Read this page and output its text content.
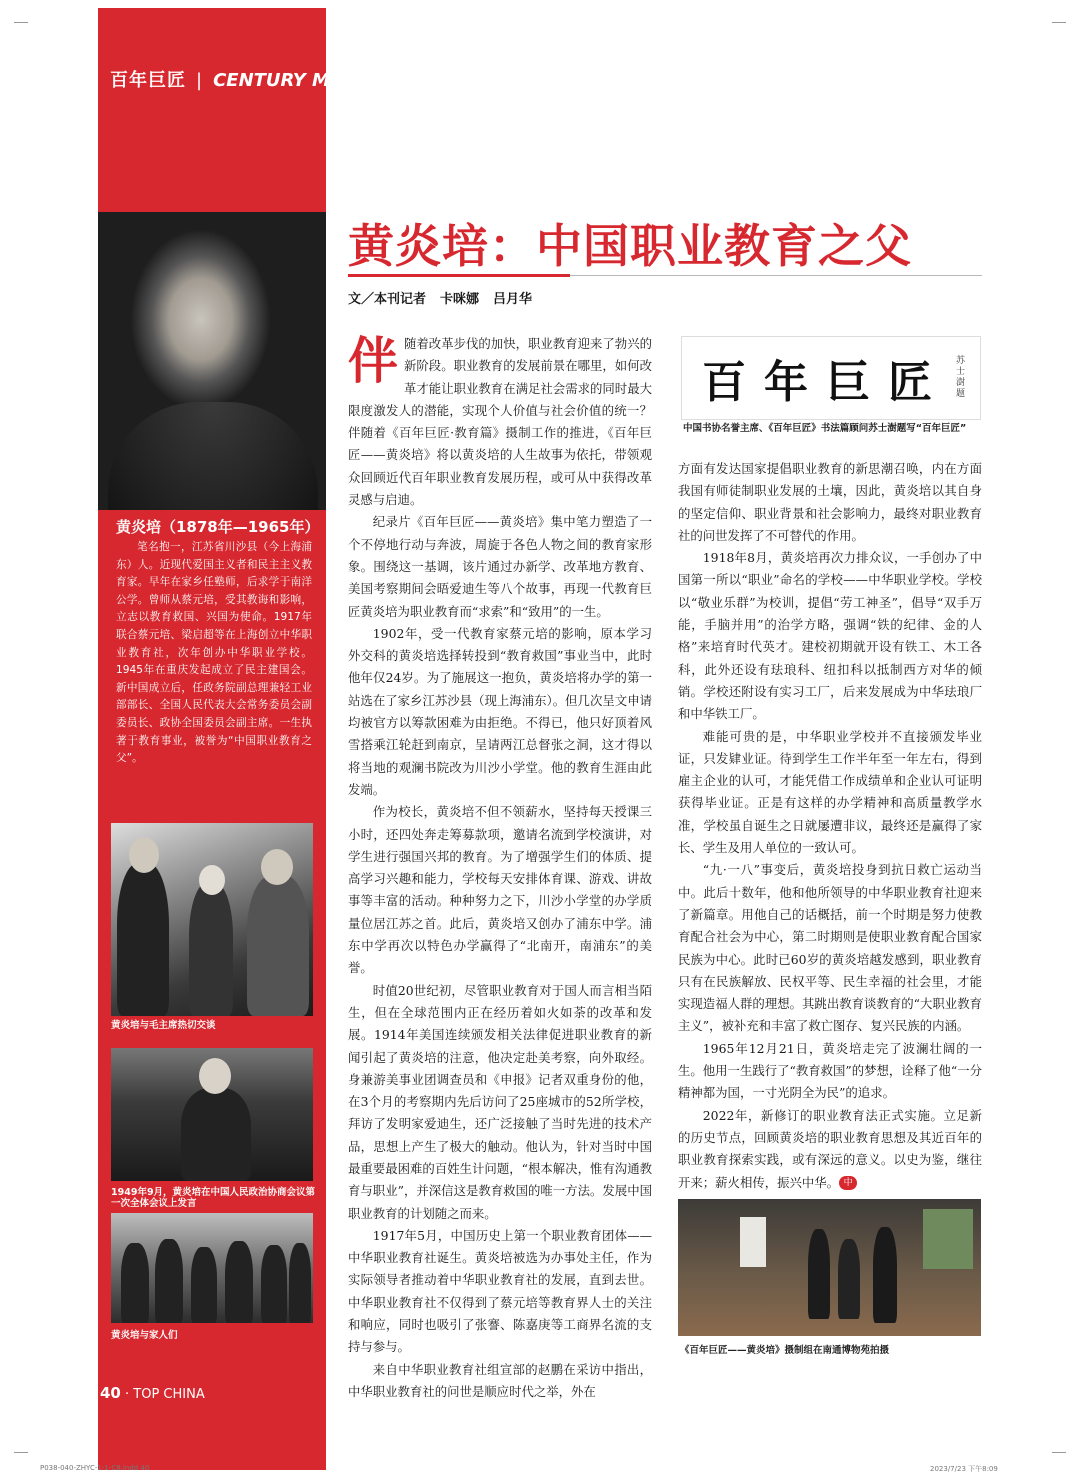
百年巨匠 | CENTURY MASTERS
黄炎培（1878年—1965年）
笔名抱一，江苏省川沙县（今上海浦东）人。近现代爱国主义者和民主主义教育家。早年在家乡任塾师，后求学于南洋公学。曾师从蔡元培，受其教诲和影响，立志以教育救国、兴国为使命。1917年联合蔡元培、梁启超等在上海创立中华职业教育社，次年创办中华职业学校。1945年在重庆发起成立了民主建国会。新中国成立后，任政务院副总理兼轻工业部部长、全国人民代表大会常务委员会副委员长、政协全国委员会副主席。一生执著于教育事业，被誉为“中国职业教育之父”。
黄炎培与毛主席热切交谈
1949年9月，黄炎培在中国人民政治协商会议第一次全体会议上发言
黄炎培与家人们
40 · TOP CHINA
P038-040-ZHYC-1-1-C8.indd 40	2023/7/23 下午8:09
黄炎培：中国职业教育之父
文／本刊记者 卡咪娜 吕月华

伴随着改革步伐的加快，职业教育迎来了勃兴的新阶段。职业教育的发展前景在哪里，如何改革才能让职业教育在满足社会需求的同时最大限度激发人的潜能，实现个人价值与社会价值的统一？伴随着《百年巨匠·教育篇》摄制工作的推进，《百年巨匠——黄炎培》将以黄炎培的人生故事为依托，带领观众回顾近代百年职业教育发展历程，或可从中获得改革灵感与启迪。

纪录片《百年巨匠——黄炎培》集中笔力塑造了一个不停地行动与奔波，周旋于各色人物之间的教育家形象。围绕这一基调，该片通过办新学、改革地方教育、美国考察期间会晤爱迪生等八个故事，再现一代教育巨匠黄炎培为职业教育而“求索”和“致用”的一生。

1902年，受一代教育家蔡元培的影响，原本学习外交科的黄炎培选择转投到“教育救国”事业当中，此时他年仅24岁。为了施展这一抱负，黄炎培将办学的第一站选在了家乡江苏沙县（现上海浦东）。但几次呈文申请均被官方以筹款困难为由拒绝。不得已，他只好顶着风雪搭乘江轮赶到南京，呈请两江总督张之洞，这才得以将当地的观澜书院改为川沙小学堂。他的教育生涯由此发端。

作为校长，黄炎培不但不领薪水，坚持每天授课三小时，还四处奔走筹募款项，邀请名流到学校演讲，对学生进行强国兴邦的教育。为了增强学生们的体质、提高学习兴趣和能力，学校每天安排体育课、游戏、讲故事等丰富的活动。种种努力之下，川沙小学堂的办学质量位居江苏之首。此后，黄炎培又创办了浦东中学。浦东中学再次以特色办学赢得了“北南开，南浦东”的美誉。

时值20世纪初，尽管职业教育对于国人而言相当陌生，但在全球范围内正在经历着如火如荼的改革和发展。1914年美国连续颁发相关法律促进职业教育的新闻引起了黄炎培的注意，他决定赴美考察，向外取经。身兼游美事业团调查员和《申报》记者双重身份的他，在3个月的考察期内先后访问了25座城市的52所学校，拜访了发明家爱迪生，还广泛接触了当时先进的技术产品，思想上产生了极大的触动。他认为，针对当时中国最重要最困难的百姓生计问题，“根本解决，惟有沟通教育与职业”，并深信这是教育救国的唯一方法。发展中国职业教育的计划随之而来。

1917年5月，中国历史上第一个职业教育团体——中华职业教育社诞生。黄炎培被选为办事处主任，作为实际领导者推动着中华职业教育社的发展，直到去世。中华职业教育社不仅得到了蔡元培等教育界人士的关注和响应，同时也吸引了张謇、陈嘉庚等工商界名流的支持与参与。

来自中华职业教育社组宣部的赵鹏在采访中指出，中华职业教育社的问世是顺应时代之举，外在

百年巨匠 苏士澍题
中国书协名誉主席、《百年巨匠》书法篇顾问苏士澍题写“百年巨匠”

方面有发达国家提倡职业教育的新思潮召唤，内在方面我国有师徒制职业发展的土壤，因此，黄炎培以其自身的坚定信仰、职业背景和社会影响力，最终对职业教育社的问世发挥了不可替代的作用。

1918年8月，黄炎培再次力排众议，一手创办了中国第一所以“职业”命名的学校——中华职业学校。学校以“敬业乐群”为校训，提倡“劳工神圣”，倡导“双手万能，手脑并用”的治学方略，强调“铁的纪律、金的人格”来培育时代英才。建校初期就开设有铁工、木工各科，此外还设有珐琅科、纽扣科以抵制西方对华的倾销。学校还附设有实习工厂，后来发展成为中华珐琅厂和中华铁工厂。

难能可贵的是，中华职业学校并不直接颁发毕业证，只发肄业证。待到学生工作半年至一年左右，得到雇主企业的认可，才能凭借工作成绩单和企业认可证明获得毕业证。正是有这样的办学精神和高质量教学水准，学校虽自诞生之日就屡遭非议，最终还是赢得了家长、学生及用人单位的一致认可。

“九·一八”事变后，黄炎培投身到抗日救亡运动当中。此后十数年，他和他所领导的中华职业教育社迎来了新篇章。用他自己的话概括，前一个时期是努力使教育配合社会为中心，第二时期则是使职业教育配合国家民族为中心。此时已60岁的黄炎培越发感到，职业教育只有在民族解放、民权平等、民生幸福的社会里，才能实现造福人群的理想。其跳出教育谈教育的“大职业教育主义”，被补充和丰富了救亡图存、复兴民族的内涵。

1965年12月21日，黄炎培走完了波澜壮阔的一生。他用一生践行了“教育救国”的梦想，诠释了他“一分精神都为国，一寸光阴全为民”的追求。

2022年，新修订的职业教育法正式实施。立足新的历史节点，回顾黄炎培的职业教育思想及其近百年的职业教育探索实践，或有深远的意义。以史为鉴，继往开来；薪火相传，振兴中华。 中

《百年巨匠——黄炎培》摄制组在南通博物苑拍摄
